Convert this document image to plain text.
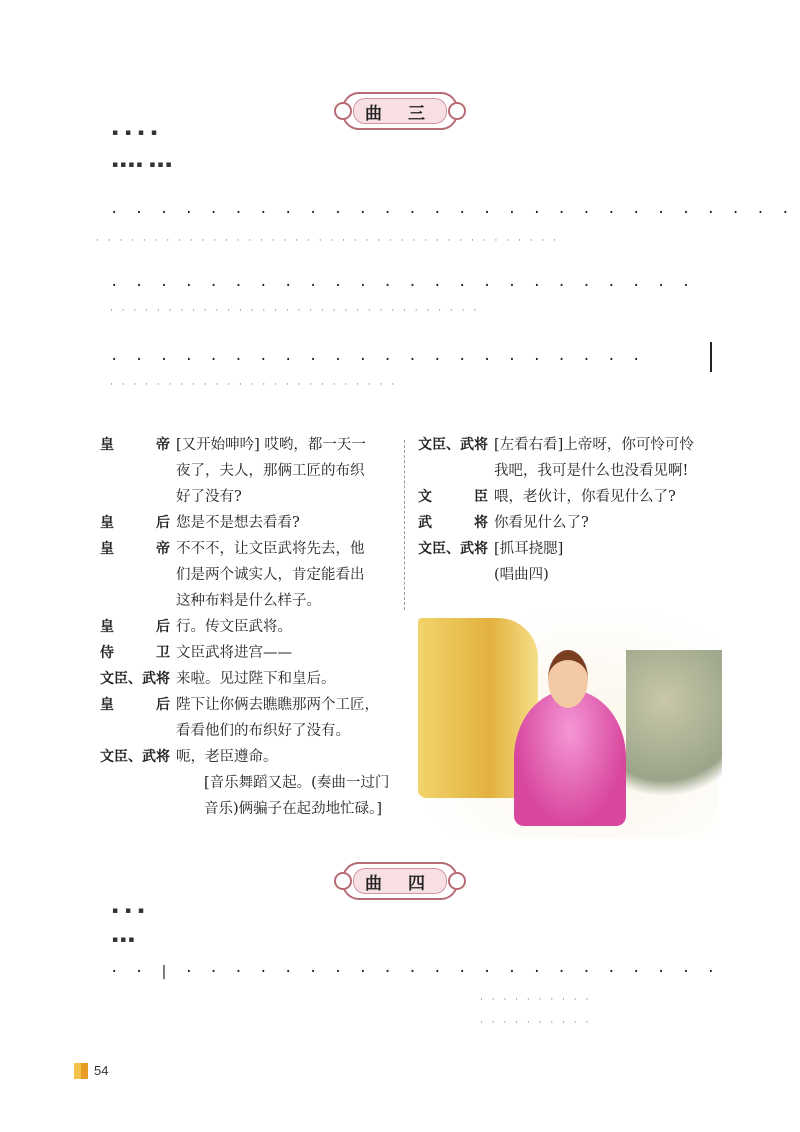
曲 三
▪ ▪ ▪ ▪
▪▪▪▪ ▪▪▪
· · · · · · · · · · · · · · · · · · · · · · · · · · · ·
· · · · · · · · · · · · · · · · · · · · · · · · · · · · · · · · · · · · · · · ·
· · · · · · · · · · · · · · · · · · · · · · · ·
· · · · · · · · · · · · · · · · · · · · · · · · · · · · · · · ·
· · · · · · · · · · · · · · · · · · · · · ·
· · · · · · · · · · · · · · · · · · · · · · · · ·
皇	帝 [又开始呻吟] 哎哟，都一天一
夜了，夫人，那俩工匠的布织
好了没有?
皇	后 您是不是想去看看?
皇	帝 不不不，让文臣武将先去，他
们是两个诚实人，肯定能看出
这种布料是什么样子。
皇	后 行。传文臣武将。
侍	卫 文臣武将进宫——
文臣、武将 来啦。见过陛下和皇后。
皇	后 陛下让你俩去瞧瞧那两个工匠，
看看他们的布织好了没有。
文臣、武将 呃，老臣遵命。
[音乐舞蹈又起。(奏曲一过门
音乐)俩骗子在起劲地忙碌。]
文臣、武将 [左看右看]上帝呀，你可怜可怜
我吧，我可是什么也没看见啊!
文	臣 喂，老伙计，你看见什么了?
武	将 你看见什么了?
文臣、武将 [抓耳挠腮]
(唱曲四)
曲 四
▪ ▪ ▪
▪▪▪
· · | · · · · · · · · · · · · · · · · · · · · · ·
· · · · · · · · · ·
· · · · · · · · · ·
54
